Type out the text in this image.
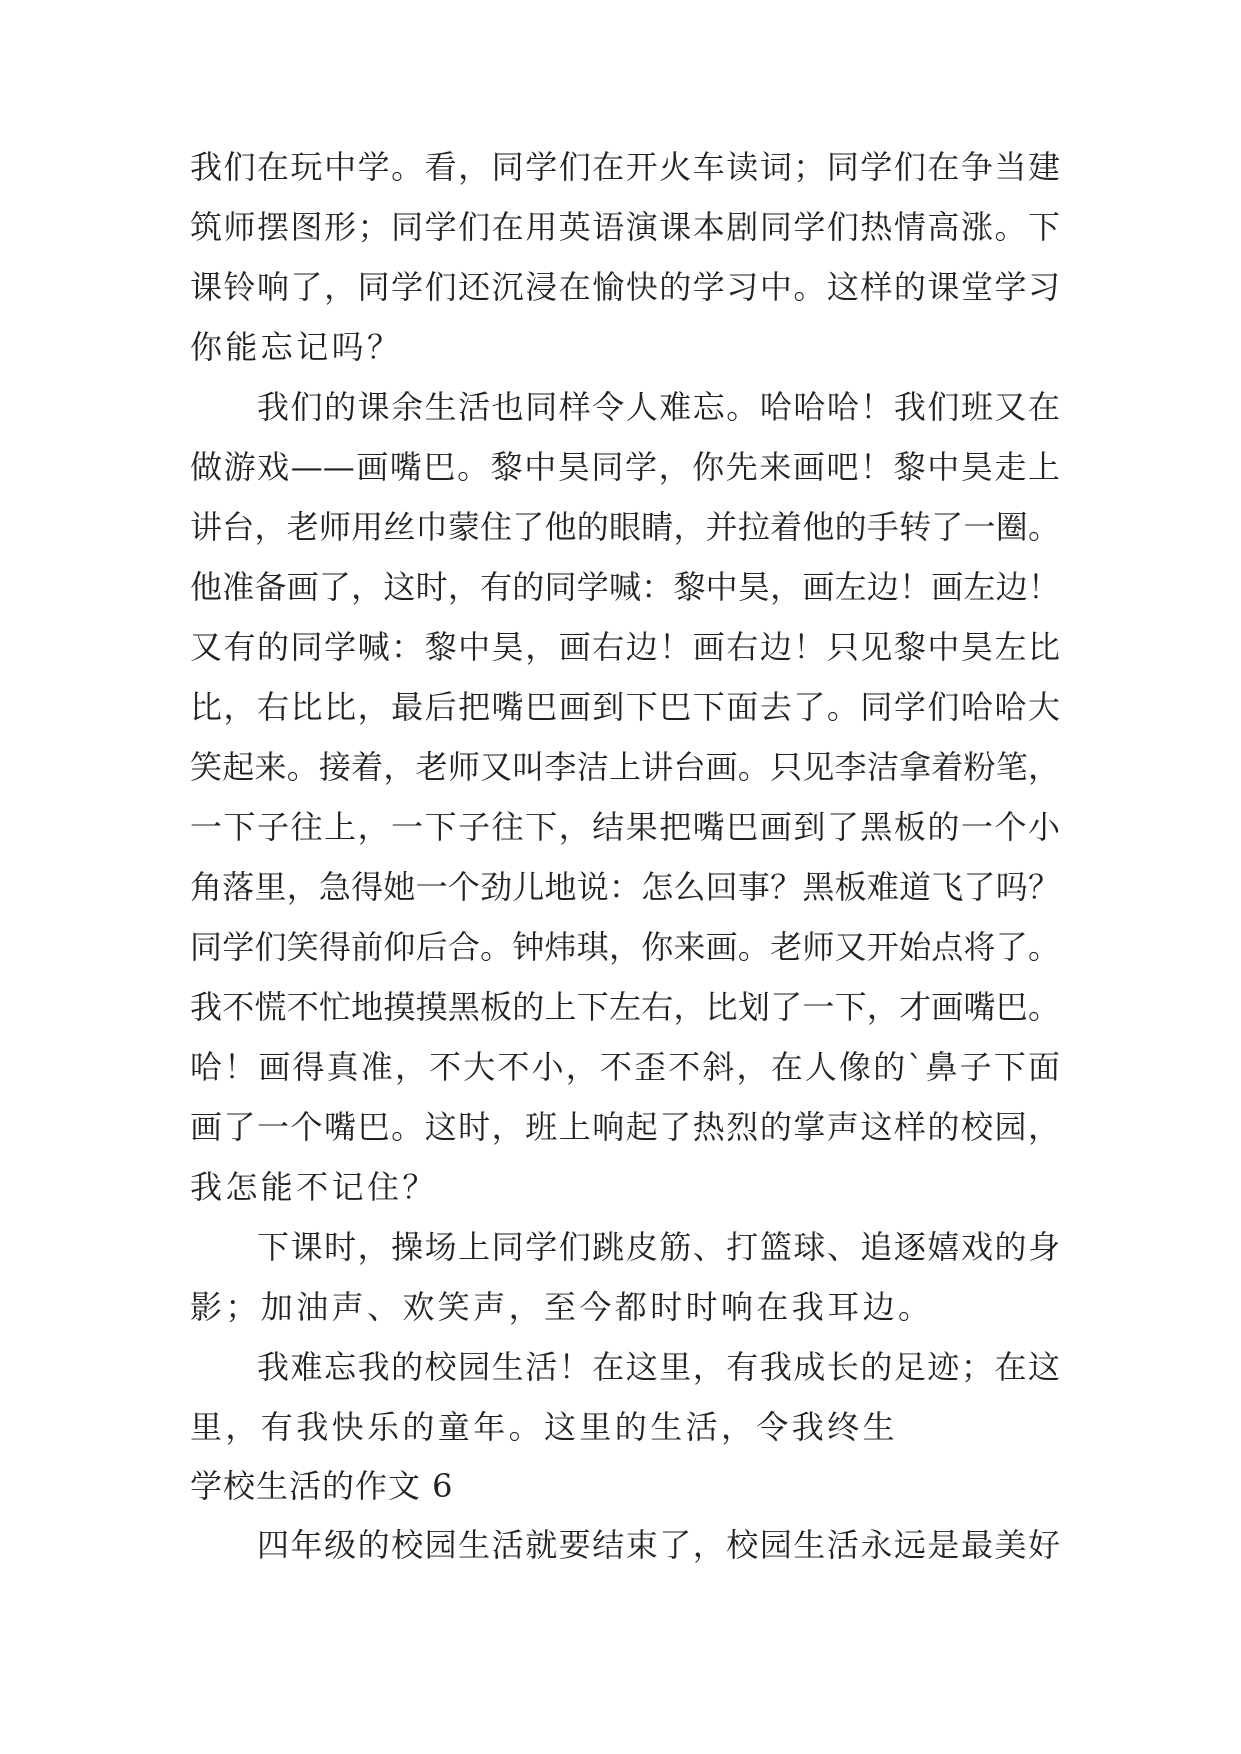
我们在玩中学。看，同学们在开火车读词；同学们在争当建

筑师摆图形；同学们在用英语演课本剧同学们热情高涨。下

课铃响了，同学们还沉浸在愉快的学习中。这样的课堂学习

你能忘记吗？

　　我们的课余生活也同样令人难忘。哈哈哈！我们班又在

做游戏——画嘴巴。黎中昊同学，你先来画吧！黎中昊走上

讲台，老师用丝巾蒙住了他的眼睛，并拉着他的手转了一圈。

他准备画了，这时，有的同学喊：黎中昊，画左边！画左边！

又有的同学喊：黎中昊，画右边！画右边！只见黎中昊左比

比，右比比，最后把嘴巴画到下巴下面去了。同学们哈哈大

笑起来。接着，老师又叫李洁上讲台画。只见李洁拿着粉笔，

一下子往上，一下子往下，结果把嘴巴画到了黑板的一个小

角落里，急得她一个劲儿地说：怎么回事？黑板难道飞了吗？

同学们笑得前仰后合。钟炜琪，你来画。老师又开始点将了。

我不慌不忙地摸摸黑板的上下左右，比划了一下，才画嘴巴。

哈！画得真准，不大不小，不歪不斜，在人像的`鼻子下面

画了一个嘴巴。这时，班上响起了热烈的掌声这样的校园，

我怎能不记住？

　　下课时，操场上同学们跳皮筋、打篮球、追逐嬉戏的身

影；加油声、欢笑声，至今都时时响在我耳边。

　　我难忘我的校园生活！在这里，有我成长的足迹；在这

里，有我快乐的童年。这里的生活，令我终生

学校生活的作文 6

　　四年级的校园生活就要结束了，校园生活永远是最美好
